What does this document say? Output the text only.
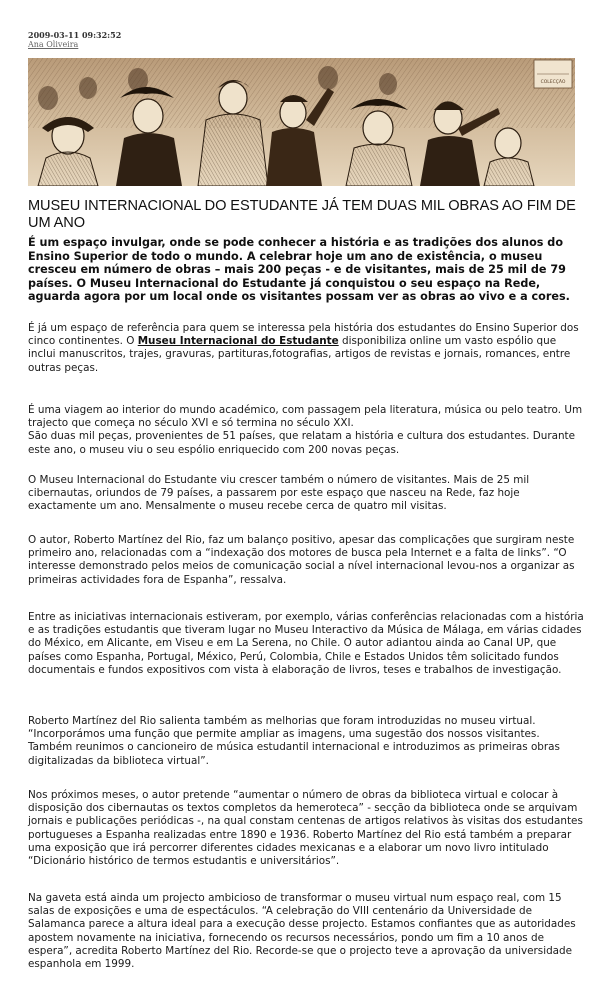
2009-03-11 09:32:52
Ana Oliveira
COLECÇÃO
MUSEU INTERNACIONAL DO ESTUDANTE JÁ TEM DUAS MIL OBRAS AO FIM DE UM ANO

É um espaço invulgar, onde se pode conhecer a história e as tradições dos alunos do Ensino Superior de todo o mundo. A celebrar hoje um ano de existência, o museu cresceu em número de obras – mais 200 peças - e de visitantes, mais de 25 mil de 79 países. O Museu Internacional do Estudante já conquistou o seu espaço na Rede, aguarda agora por um local onde os visitantes possam ver as obras ao vivo e a cores.

É já um espaço de referência para quem se interessa pela história dos estudantes do Ensino Superior dos cinco continentes. O Museu Internacional do Estudante disponibiliza online um vasto espólio que inclui manuscritos, trajes, gravuras, partituras,fotografias, artigos de revistas e jornais, romances, entre outras peças.

É uma viagem ao interior do mundo académico, com passagem pela literatura, música ou pelo teatro. Um trajecto que começa no século XVI e só termina no século XXI.
São duas mil peças, provenientes de 51 países, que relatam a história e cultura dos estudantes. Durante este ano, o museu viu o seu espólio enriquecido com 200 novas peças.

O Museu Internacional do Estudante viu crescer também o número de visitantes. Mais de 25 mil cibernautas, oriundos de 79 países, a passarem por este espaço que nasceu na Rede, faz hoje exactamente um ano. Mensalmente o museu recebe cerca de quatro mil visitas.

O autor, Roberto Martínez del Rio, faz um balanço positivo, apesar das complicações que surgiram neste primeiro ano, relacionadas com a “indexação dos motores de busca pela Internet e a falta de links”. “O interesse demonstrado pelos meios de comunicação social a nível internacional levou-nos a organizar as primeiras actividades fora de Espanha”, ressalva.

Entre as iniciativas internacionais estiveram, por exemplo, várias conferências relacionadas com a história e as tradições estudantis que tiveram lugar no Museu Interactivo da Música de Málaga, em várias cidades do México, em Alicante, em Viseu e em La Serena, no Chile. O autor adiantou ainda ao Canal UP, que países como Espanha, Portugal, México, Perú, Colombia, Chile e Estados Unidos têm solicitado fundos documentais e fundos expositivos com vista à elaboração de livros, teses e trabalhos de investigação.

Roberto Martínez del Rio salienta também as melhorias que foram introduzidas no museu virtual. “Incorporámos uma função que permite ampliar as imagens, uma sugestão dos nossos visitantes. Também reunimos o cancioneiro de música estudantil internacional e introduzimos as primeiras obras digitalizadas da biblioteca virtual”.

Nos próximos meses, o autor pretende “aumentar o número de obras da biblioteca virtual e colocar à disposição dos cibernautas os textos completos da hemeroteca” - secção da biblioteca onde se arquivam jornais e publicações periódicas -, na qual constam centenas de artigos relativos às visitas dos estudantes portugueses a Espanha realizadas entre 1890 e 1936. Roberto Martínez del Rio está também a preparar uma exposição que irá percorrer diferentes cidades mexicanas e a elaborar um novo livro intitulado “Dicionário histórico de termos estudantis e universitários”.

Na gaveta está ainda um projecto ambicioso de transformar o museu virtual num espaço real, com 15 salas de exposições e uma de espectáculos. “A celebração do VIII centenário da Universidade de Salamanca parece a altura ideal para a execução desse projecto. Estamos confiantes que as autoridades apostem novamente na iniciativa, fornecendo os recursos necessários, pondo um fim a 10 anos de espera”, acredita Roberto Martínez del Rio. Recorde-se que o projecto teve a aprovação da universidade espanhola em 1999.
